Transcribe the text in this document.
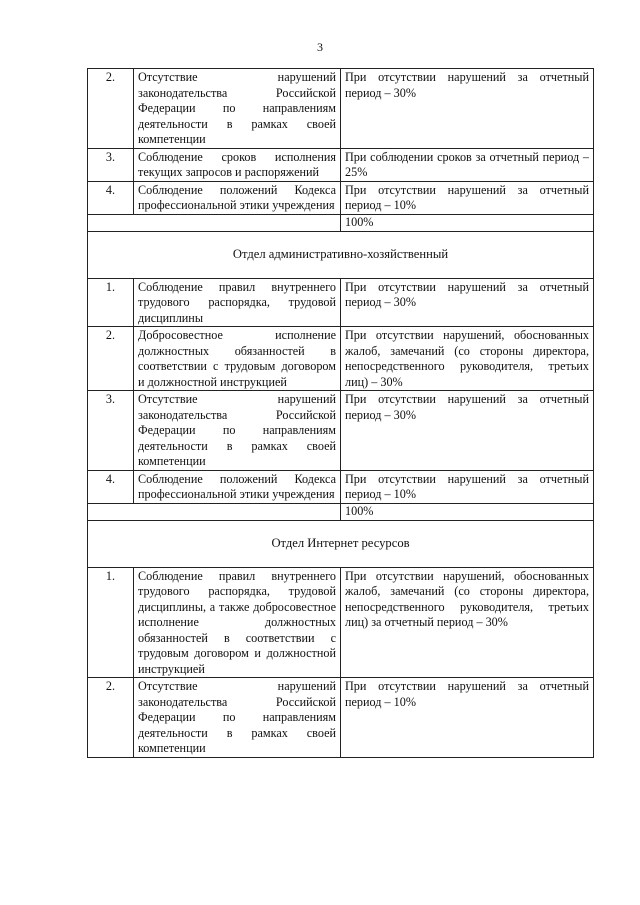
3
2.	Отсутствие нарушений законодательства Российской Федерации по направлениям деятельности в рамках своей компетенции	При отсутствии нарушений за отчетный период – 30%
3.	Соблюдение сроков исполнения текущих запросов и распоряжений	При соблюдении сроков за отчетный период – 25%
4.	Соблюдение положений Кодекса профессиональной этики учреждения	При отсутствии нарушений за отчетный период – 10%
		100%
Отдел административно-хозяйственный		
1.	Соблюдение правил внутреннего трудового распорядка, трудовой дисциплины	При отсутствии нарушений за отчетный период – 30%
2.	Добросовестное исполнение должностных обязанностей в соответствии с трудовым договором и должностной инструкцией	При отсутствии нарушений, обоснованных жалоб, замечаний (со стороны директора, непосредственного руководителя, третьих лиц) – 30%
3.	Отсутствие нарушений законодательства Российской Федерации по направлениям деятельности в рамках своей компетенции	При отсутствии нарушений за отчетный период – 30%
4.	Соблюдение положений Кодекса профессиональной этики учреждения	При отсутствии нарушений за отчетный период – 10%
		100%
Отдел Интернет ресурсов		
1.	Соблюдение правил внутреннего трудового распорядка, трудовой дисциплины, а также добросовестное исполнение должностных обязанностей в соответствии с трудовым договором и должностной инструкцией	При отсутствии нарушений, обоснованных жалоб, замечаний (со стороны директора, непосредственного руководителя, третьих лиц) за отчетный период – 30%
2.	Отсутствие нарушений законодательства Российской Федерации по направлениям деятельности в рамках своей компетенции	При отсутствии нарушений за отчетный период – 10%
